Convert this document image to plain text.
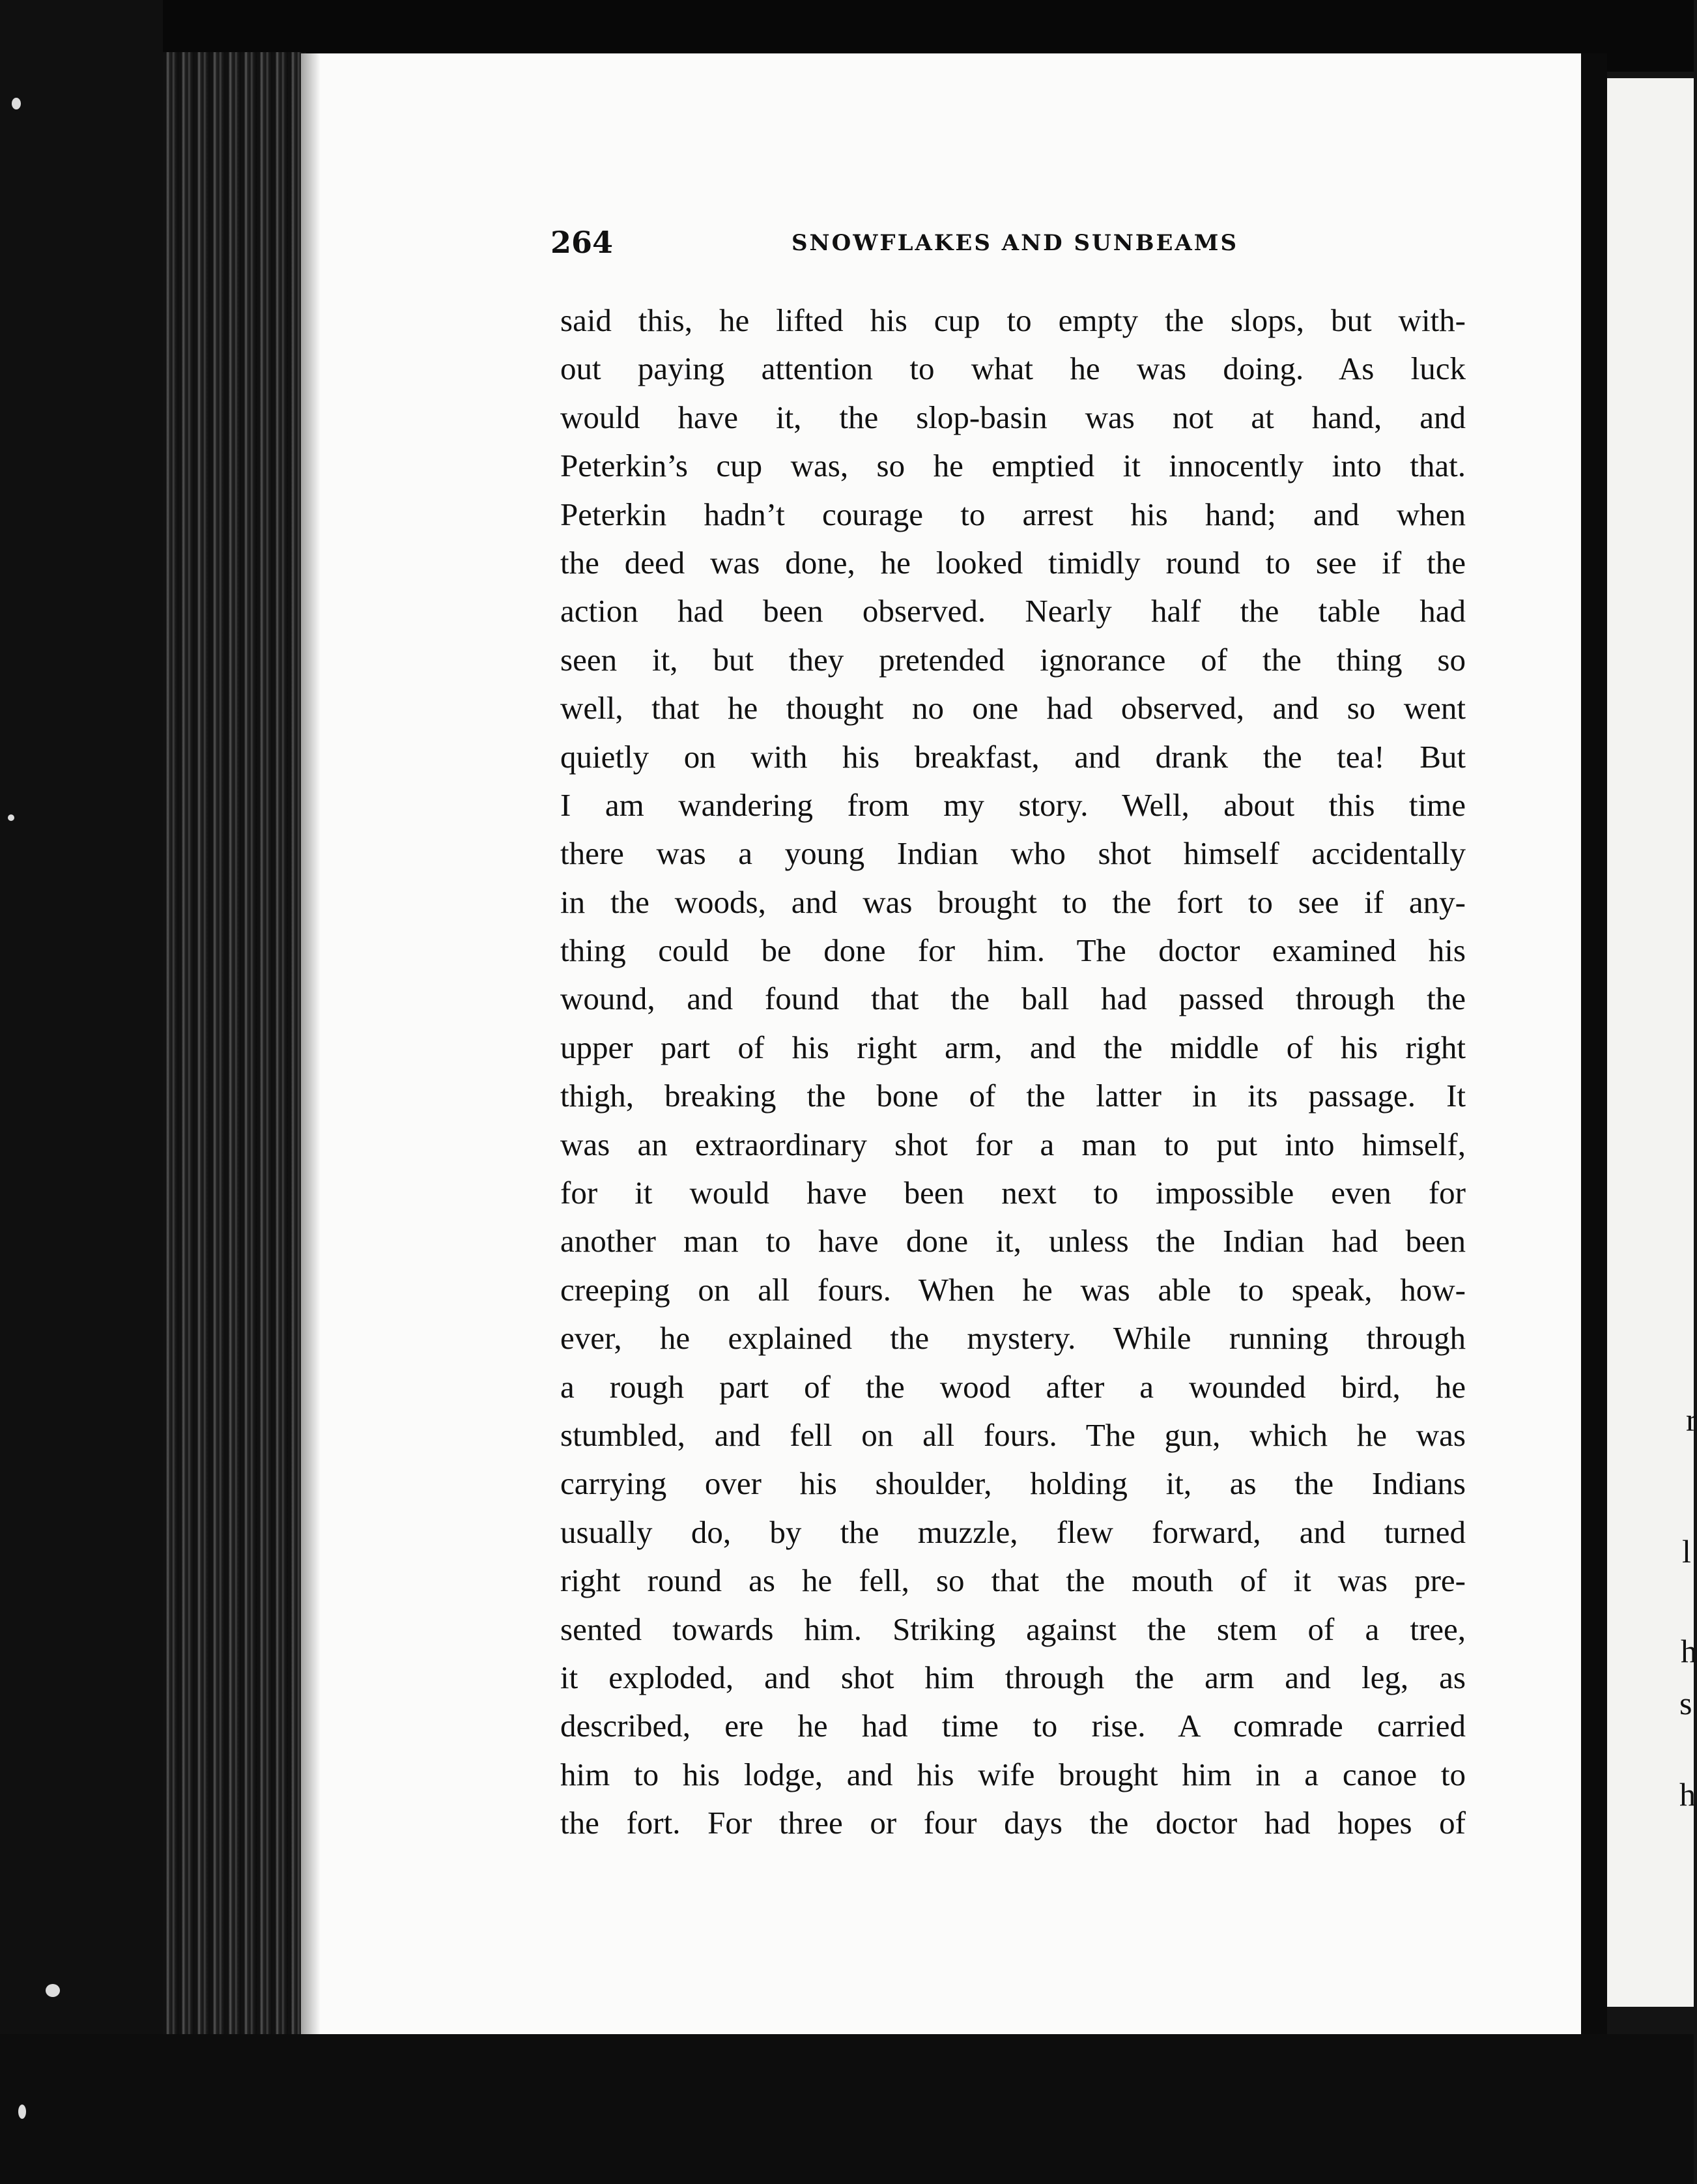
264	SNOWFLAKES AND SUNBEAMS
said this, he lifted his cup to empty the slops, but with-
out paying attention to what he was doing. As luck
would have it, the slop-basin was not at hand, and
Peterkin’s cup was, so he emptied it innocently into that.
Peterkin hadn’t courage to arrest his hand; and when
the deed was done, he looked timidly round to see if the
action had been observed. Nearly half the table had
seen it, but they pretended ignorance of the thing so
well, that he thought no one had observed, and so went
quietly on with his breakfast, and drank the tea! But
I am wandering from my story. Well, about this time
there was a young Indian who shot himself accidentally
in the woods, and was brought to the fort to see if any-
thing could be done for him. The doctor examined his
wound, and found that the ball had passed through the
upper part of his right arm, and the middle of his right
thigh, breaking the bone of the latter in its passage. It
was an extraordinary shot for a man to put into himself,
for it would have been next to impossible even for
another man to have done it, unless the Indian had been
creeping on all fours. When he was able to speak, how-
ever, he explained the mystery. While running through
a rough part of the wood after a wounded bird, he
stumbled, and fell on all fours. The gun, which he was
carrying over his shoulder, holding it, as the Indians
usually do, by the muzzle, flew forward, and turned
right round as he fell, so that the mouth of it was pre-
sented towards him. Striking against the stem of a tree,
it exploded, and shot him through the arm and leg, as
described, ere he had time to rise. A comrade carried
him to his lodge, and his wife brought him in a canoe to
the fort. For three or four days the doctor had hopes of
r
l
h
s
h
